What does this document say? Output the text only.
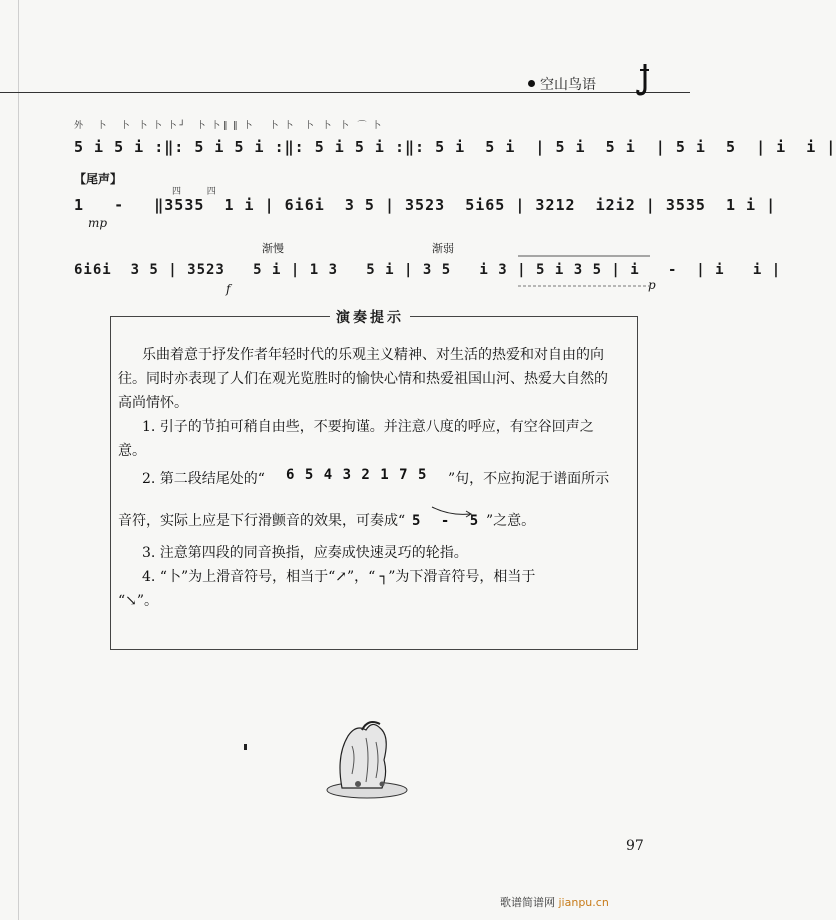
空山鸟语
外     卜     卜   卜  卜  卜 ┘    卜  卜 ‖  ‖  卜      卜  卜    卜   卜   卜   ⌒  卜
5 i 5 i :‖: 5 i 5 i :‖: 5 i 5 i :‖: 5 i  5 i  | 5 i  5 i  | 5 i  5  | i  i |
【尾声】
四         四
1   -   ‖3535  1 i | 6i6i  3 5 | 3523  5i65 | 3212  i2i2 | 3535  1 i |
mp
渐慢	渐弱
6i6i  3 5 | 3523   5 i | 1 3   5 i | 3 5   i 3 | 5 i 3 5 | i   -  | i   i |
f	p
演奏提示
乐曲着意于抒发作者年轻时代的乐观主义精神、对生活的热爱和对自由的向
往。同时亦表现了人们在观光览胜时的愉快心情和热爱祖国山河、热爱大自然的
高尚情怀。
1. 引子的节拍可稍自由些，不要拘谨。并注意八度的呼应，有空谷回声之
意。
2. 第二段结尾处的“ 6 5 4 3 2 1 7 5 ”句，不应拘泥于谱面所示
音符，实际上应是下行滑颤音的效果，可奏成“ 5 - 5 ”之意。
3. 注意第四段的同音换指，应奏成快速灵巧的轮指。
4. “卜”为上滑音符号，相当于“↗”，“ ┐”为下滑音符号，相当于
“↘”。
97
歌谱简谱网 jianpu.cn
